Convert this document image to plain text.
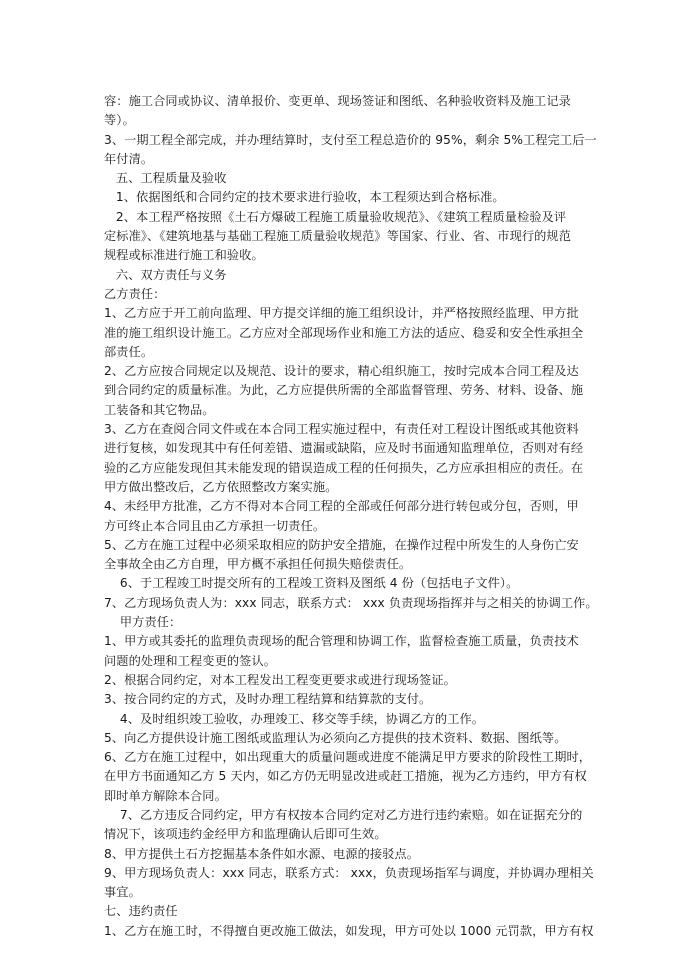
容：施工合同或协议、清单报价、变更单、现场签证和图纸、名种验收资料及施工记录
等）。
3、一期工程全部完成，并办理结算时，支付至工程总造价的 95%，剩余 5%工程完工后一
年付清。
五、工程质量及验收
1、依据图纸和合同约定的技术要求进行验收，本工程须达到合格标准。
2、本工程严格按照《土石方爆破工程施工质量验收规范》、《建筑工程质量检验及评
定标准》、《建筑地基与基础工程施工质量验收规范》等国家、行业、省、市现行的规范
规程或标准进行施工和验收。
六、双方责任与义务
乙方责任：
1、乙方应于开工前向监理、甲方提交详细的施工组织设计，并严格按照经监理、甲方批
准的施工组织设计施工。乙方应对全部现场作业和施工方法的适应、稳妥和安全性承担全
部责任。
2、乙方应按合同规定以及规范、设计的要求，精心组织施工，按时完成本合同工程及达
到合同约定的质量标准。为此，乙方应提供所需的全部监督管理、劳务、材料、设备、施
工装备和其它物品。
3、乙方在查阅合同文件或在本合同工程实施过程中，有责任对工程设计图纸或其他资料
进行复核，如发现其中有任何差错、遗漏或缺陷，应及时书面通知监理单位，否则对有经
验的乙方应能发现但其未能发现的错误造成工程的任何损失，乙方应承担相应的责任。在
甲方做出整改后，乙方依照整改方案实施。
4、未经甲方批准，乙方不得对本合同工程的全部或任何部分进行转包或分包，否则，甲
方可终止本合同且由乙方承担一切责任。
5、乙方在施工过程中必须采取相应的防护安全措施，在操作过程中所发生的人身伤亡安
全事故全由乙方自理，甲方概不承担任何损失赔偿责任。
6、于工程竣工时提交所有的工程竣工资料及图纸 4 份（包括电子文件）。
7、乙方现场负责人为：xxx 同志，联系方式： xxx 负责现场指挥并与之相关的协调工作。
甲方责任：
1、甲方或其委托的监理负责现场的配合管理和协调工作，监督检查施工质量，负责技术
问题的处理和工程变更的签认。
2、根据合同约定，对本工程发出工程变更要求或进行现场签证。
3、按合同约定的方式，及时办理工程结算和结算款的支付。
4、及时组织竣工验收，办理竣工、移交等手续，协调乙方的工作。
5、向乙方提供设计施工图纸或监理认为必须向乙方提供的技术资料、数据、图纸等。
6、乙方在施工过程中，如出现重大的质量问题或进度不能满足甲方要求的阶段性工期时，
在甲方书面通知乙方 5 天内，如乙方仍无明显改进或赶工措施，视为乙方违约，甲方有权
即时单方解除本合同。
7、乙方违反合同约定，甲方有权按本合同约定对乙方进行违约索赔。如在证据充分的
情况下，该项违约金经甲方和监理确认后即可生效。
8、甲方提供土石方挖掘基本条件如水源、电源的接驳点。
9、甲方现场负责人：xxx 同志，联系方式： xxx，负责现场指军与调度，并协调办理相关
事宜。
七、违约责任
1、乙方在施工时，不得擅自更改施工做法，如发现，甲方可处以 1000 元罚款，甲方有权
